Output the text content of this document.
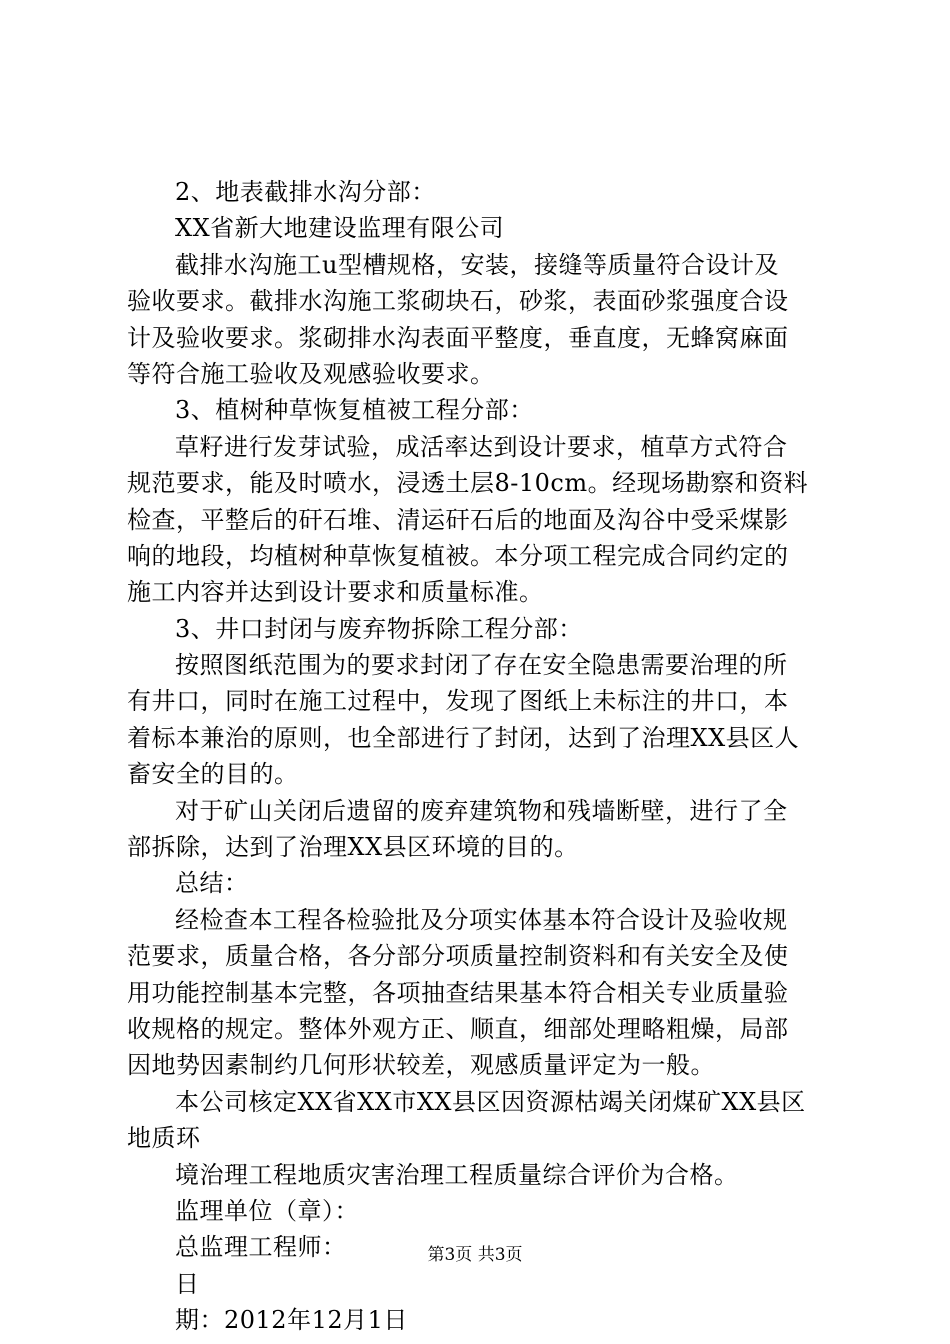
2、地表截排水沟分部：
XX省新大地建设监理有限公司
截排水沟施工u型槽规格，安装，接缝等质量符合设计及
验收要求。截排水沟施工浆砌块石，砂浆，表面砂浆强度合设
计及验收要求。浆砌排水沟表面平整度，垂直度，无蜂窝麻面
等符合施工验收及观感验收要求。
3、植树种草恢复植被工程分部：
草籽进行发芽试验，成活率达到设计要求，植草方式符合
规范要求，能及时喷水，浸透土层8-10cm。经现场勘察和资料
检查，平整后的矸石堆、清运矸石后的地面及沟谷中受采煤影
响的地段，均植树种草恢复植被。本分项工程完成合同约定的
施工内容并达到设计要求和质量标准。
3、井口封闭与废弃物拆除工程分部：
按照图纸范围为的要求封闭了存在安全隐患需要治理的所
有井口，同时在施工过程中，发现了图纸上未标注的井口，本
着标本兼治的原则，也全部进行了封闭，达到了治理XX县区人
畜安全的目的。
对于矿山关闭后遗留的废弃建筑物和残墙断壁，进行了全
部拆除，达到了治理XX县区环境的目的。
总结：
经检查本工程各检验批及分项实体基本符合设计及验收规
范要求，质量合格，各分部分项质量控制资料和有关安全及使
用功能控制基本完整，各项抽查结果基本符合相关专业质量验
收规格的规定。整体外观方正、顺直，细部处理略粗燥，局部
因地势因素制约几何形状较差，观感质量评定为一般。
本公司核定XX省XX市XX县区因资源枯竭关闭煤矿XX县区
地质环
境治理工程地质灾害治理工程质量综合评价为合格。
监理单位（章）：
总监理工程师：
日
期：2012年12月1日
第3页 共3页
